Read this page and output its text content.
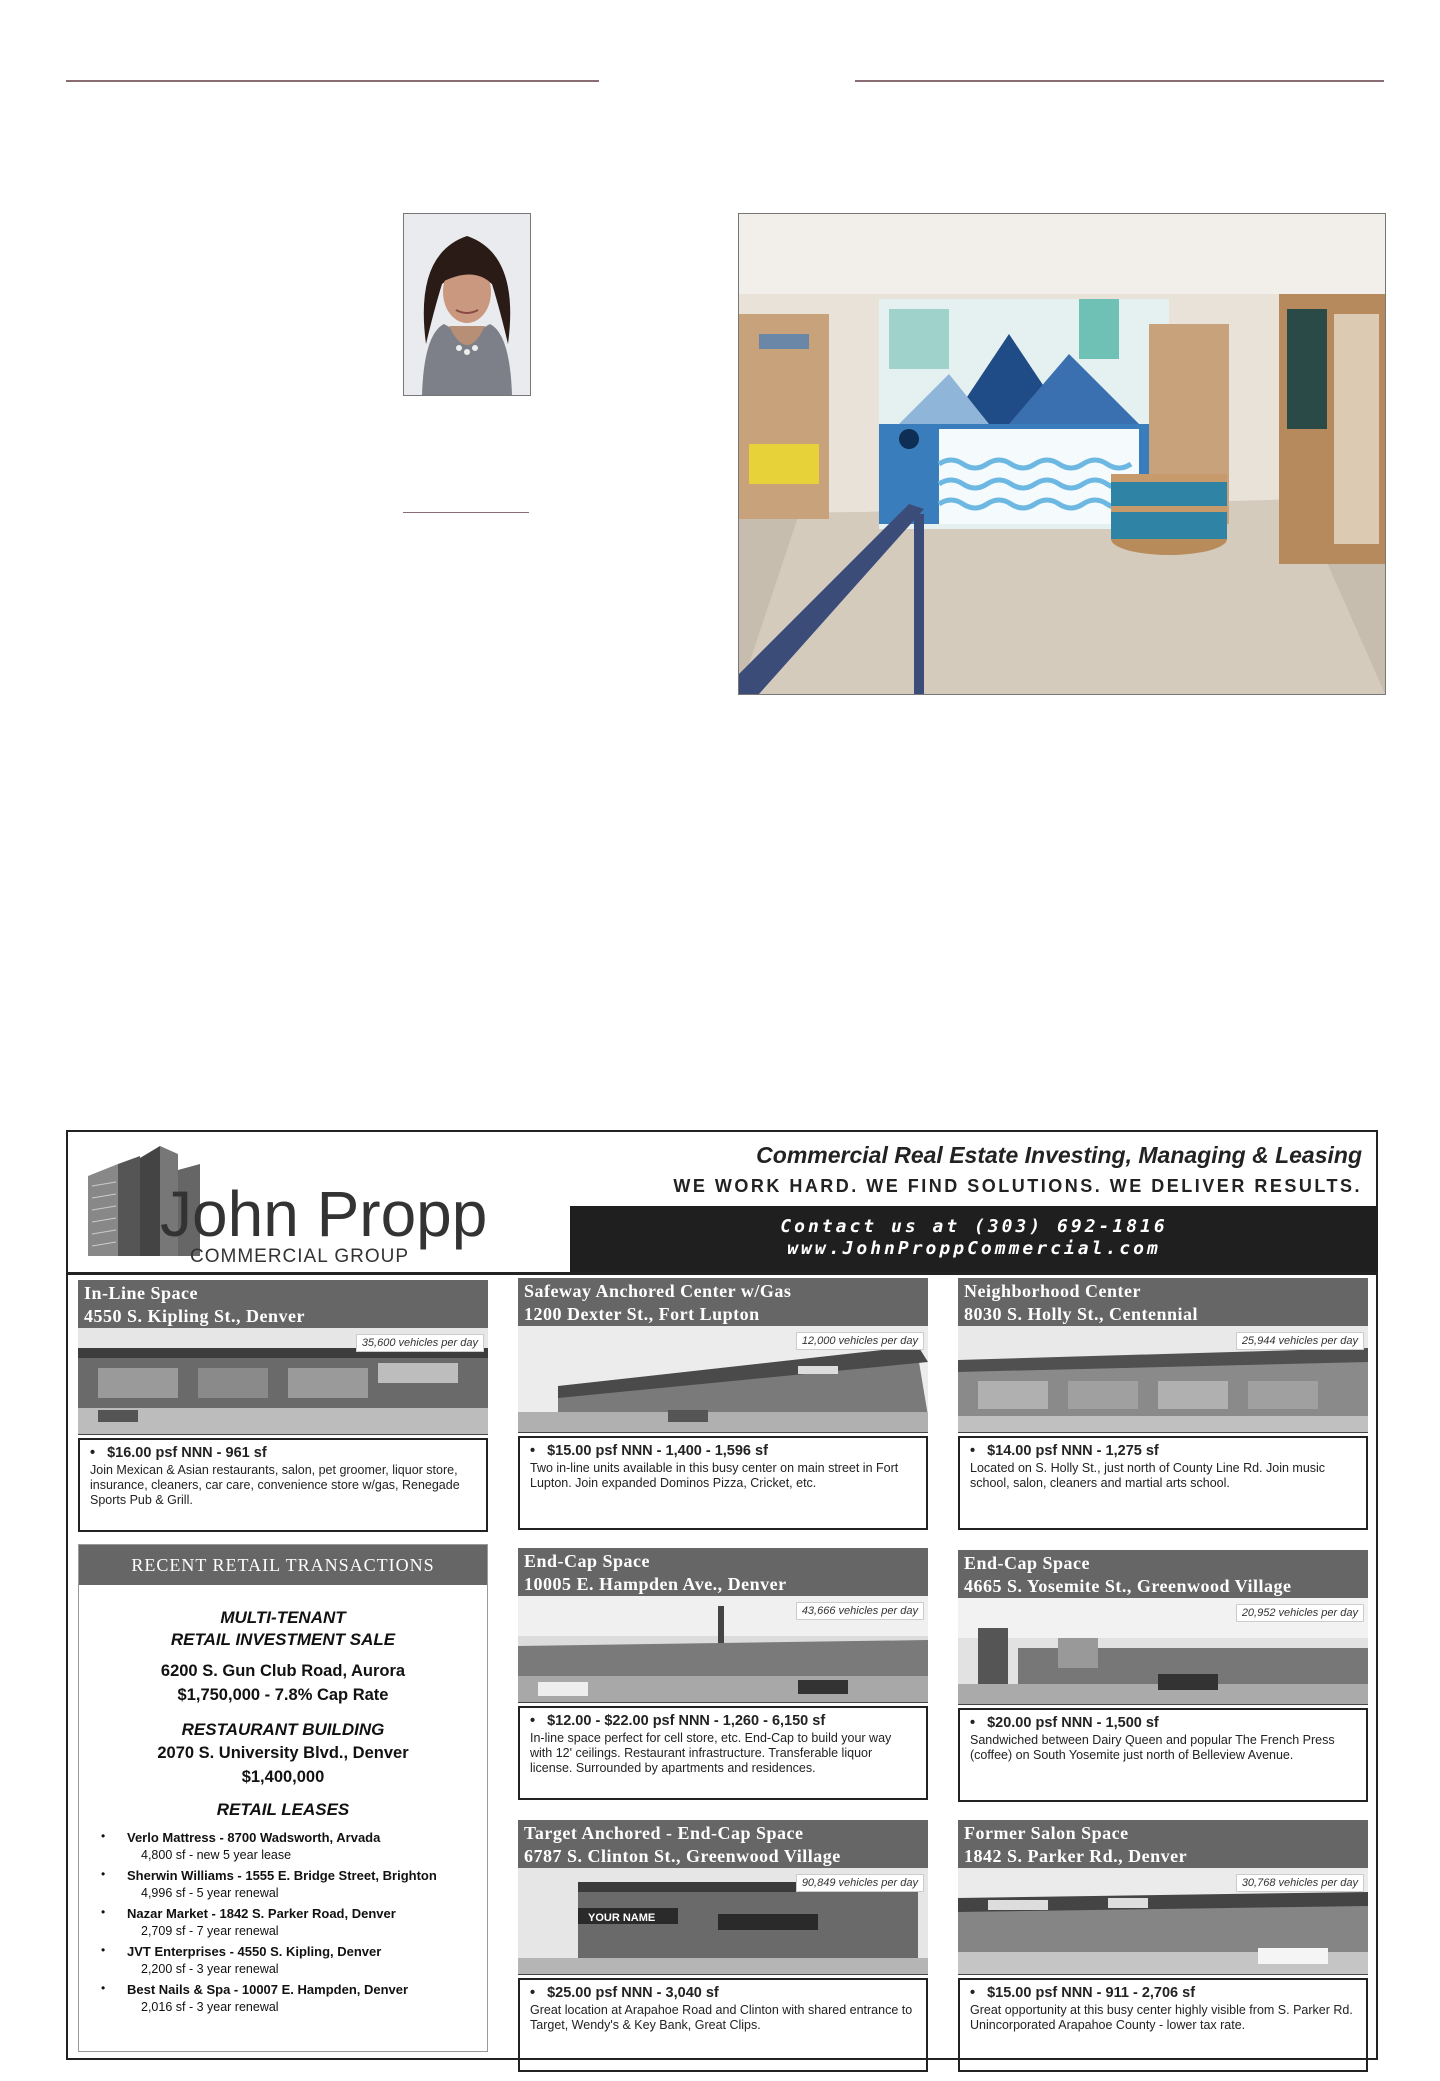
John Propp
COMMERCIAL GROUP
Commercial Real Estate Investing, Managing & Leasing
WE WORK HARD. WE FIND SOLUTIONS. WE DELIVER RESULTS.
Contact us at (303) 692-1816
www.JohnProppCommercial.com
In-Line Space
4550 S. Kipling St., Denver
35,600 vehicles per day
• $16.00 psf NNN - 961 sf
Join Mexican & Asian restaurants, salon, pet groomer, liquor store, insurance, cleaners, car care, convenience store w/gas, Renegade Sports Pub & Grill.
Safeway Anchored Center w/Gas
1200 Dexter St., Fort Lupton
12,000 vehicles per day
• $15.00 psf NNN - 1,400 - 1,596 sf
Two in-line units available in this busy center on main street in Fort Lupton. Join expanded Dominos Pizza, Cricket, etc.
Neighborhood Center
8030 S. Holly St., Centennial
25,944 vehicles per day
• $14.00 psf NNN - 1,275 sf
Located on S. Holly St., just north of County Line Rd. Join music school, salon, cleaners and martial arts school.
End-Cap Space
10005 E. Hampden Ave., Denver
43,666 vehicles per day
• $12.00 - $22.00 psf NNN - 1,260 - 6,150 sf
In-line space perfect for cell store, etc. End-Cap to build your way with 12' ceilings. Restaurant infrastructure. Transferable liquor license. Surrounded by apartments and residences.
End-Cap Space
4665 S. Yosemite St., Greenwood Village
20,952 vehicles per day
• $20.00 psf NNN - 1,500 sf
Sandwiched between Dairy Queen and popular The French Press (coffee) on South Yosemite just north of Belleview Avenue.
Target Anchored - End-Cap Space
6787 S. Clinton St., Greenwood Village
YOUR NAME
90,849 vehicles per day
• $25.00 psf NNN - 3,040 sf
Great location at Arapahoe Road and Clinton with shared entrance to Target, Wendy's & Key Bank, Great Clips.
Former Salon Space
1842 S. Parker Rd., Denver
30,768 vehicles per day
• $15.00 psf NNN - 911 - 2,706 sf
Great opportunity at this busy center highly visible from S. Parker Rd. Unincorporated Arapahoe County - lower tax rate.
RECENT RETAIL TRANSACTIONS
MULTI-TENANT
RETAIL INVESTMENT SALE
6200 S. Gun Club Road, Aurora
$1,750,000 - 7.8% Cap Rate
RESTAURANT BUILDING
2070 S. University Blvd., Denver
$1,400,000
RETAIL LEASES
• Verlo Mattress - 8700 Wadsworth, Arvada
4,800 sf - new 5 year lease
• Sherwin Williams - 1555 E. Bridge Street, Brighton
4,996 sf - 5 year renewal
• Nazar Market - 1842 S. Parker Road, Denver
2,709 sf - 7 year renewal
• JVT Enterprises - 4550 S. Kipling, Denver
2,200 sf - 3 year renewal
• Best Nails & Spa - 10007 E. Hampden, Denver
2,016 sf - 3 year renewal
